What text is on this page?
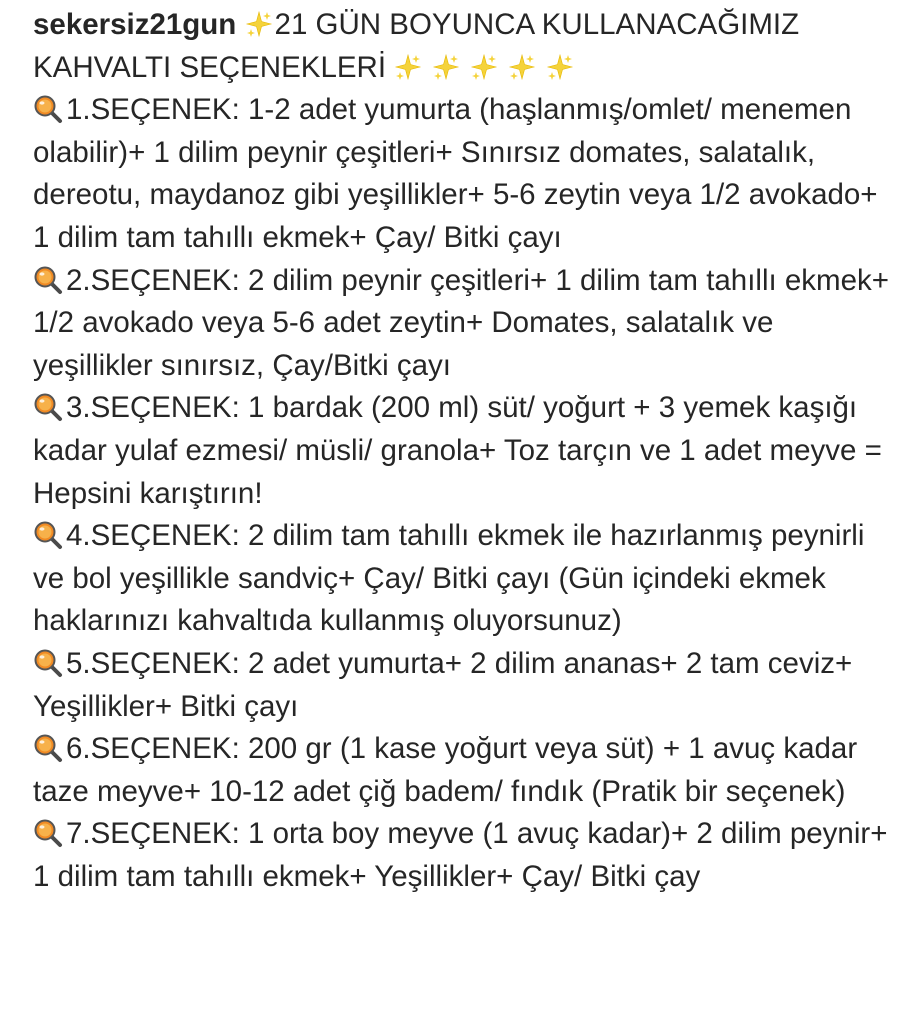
sekersiz21gun 21 GÜN BOYUNCA KULLANACAĞIMIZ KAHVALTI SEÇENEKLERİ
1.SEÇENEK: 1-2 adet yumurta (haşlanmış/omlet/ menemen olabilir)+ 1 dilim peynir çeşitleri+ Sınırsız domates, salatalık, dereotu, maydanoz gibi yeşillikler+ 5-6 zeytin veya 1/2 avokado+ 1 dilim tam tahıllı ekmek+ Çay/ Bitki çayı
2.SEÇENEK: 2 dilim peynir çeşitleri+ 1 dilim tam tahıllı ekmek+ 1/2 avokado veya 5-6 adet zeytin+ Domates, salatalık ve yeşillikler sınırsız, Çay/Bitki çayı
3.SEÇENEK: 1 bardak (200 ml) süt/ yoğurt + 3 yemek kaşığı kadar yulaf ezmesi/ müsli/ granola+ Toz tarçın ve 1 adet meyve = Hepsini karıştırın!
4.SEÇENEK: 2 dilim tam tahıllı ekmek ile hazırlanmış peynirli ve bol yeşillikle sandviç+ Çay/ Bitki çayı (Gün içindeki ekmek haklarınızı kahvaltıda kullanmış oluyorsunuz)
5.SEÇENEK: 2 adet yumurta+ 2 dilim ananas+ 2 tam ceviz+ Yeşillikler+ Bitki çayı
6.SEÇENEK: 200 gr (1 kase yoğurt veya süt) + 1 avuç kadar taze meyve+ 10-12 adet çiğ badem/ fındık (Pratik bir seçenek)
7.SEÇENEK: 1 orta boy meyve (1 avuç kadar)+ 2 dilim peynir+ 1 dilim tam tahıllı ekmek+ Yeşillikler+ Çay/ Bitki çay
